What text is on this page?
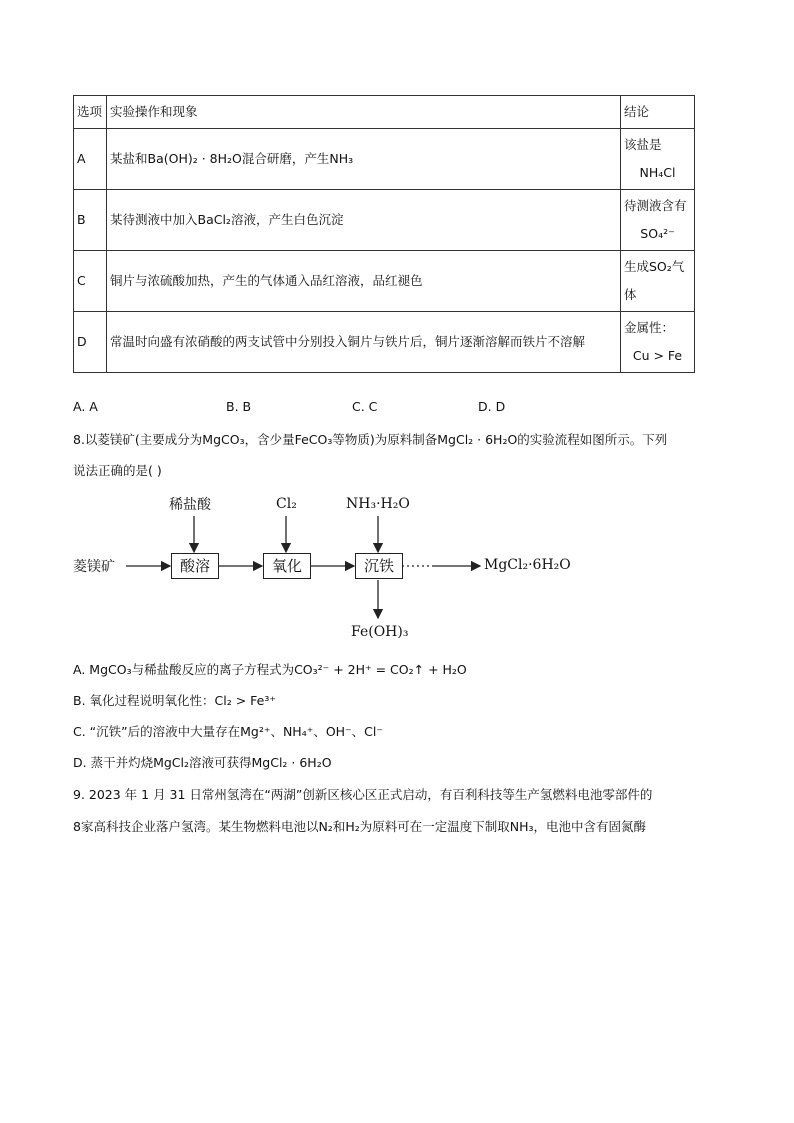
选项	实验操作和现象	结论
A	某盐和Ba(OH)₂ · 8H₂O混合研磨，产生NH₃	该盐是
NH₄Cl

B	某待测液中加入BaCl₂溶液，产生白色沉淀	待测液含有
SO₄²⁻

C	铜片与浓硫酸加热，产生的气体通入品红溶液，品红褪色	生成SO₂气
体

D	常温时向盛有浓硝酸的两支试管中分别投入铜片与铁片后，铜片逐渐溶解而铁片不溶解	金属性：
Cu > Fe
A. A	B. B	C. C	D. D
8.以菱镁矿(主要成分为MgCO₃，含少量FeCO₃等物质)为原料制备MgCl₂ · 6H₂O的实验流程如图所示。下列
说法正确的是( )
菱镁矿
稀盐酸	Cl₂	NH₃·H₂O
酸溶	氧化	沉铁	MgCl₂·6H₂O
Fe(OH)₃
A. MgCO₃与稀盐酸反应的离子方程式为CO₃²⁻ + 2H⁺ = CO₂↑ + H₂O
B. 氧化过程说明氧化性：Cl₂ > Fe³⁺
C. “沉铁”后的溶液中大量存在Mg²⁺、NH₄⁺、OH⁻、Cl⁻
D. 蒸干并灼烧MgCl₂溶液可获得MgCl₂ · 6H₂O
9. 2023 年 1 月 31 日常州氢湾在“两湖”创新区核心区正式启动，有百利科技等生产氢燃料电池零部件的
8家高科技企业落户氢湾。某生物燃料电池以N₂和H₂为原料可在一定温度下制取NH₃，电池中含有固氮酶
